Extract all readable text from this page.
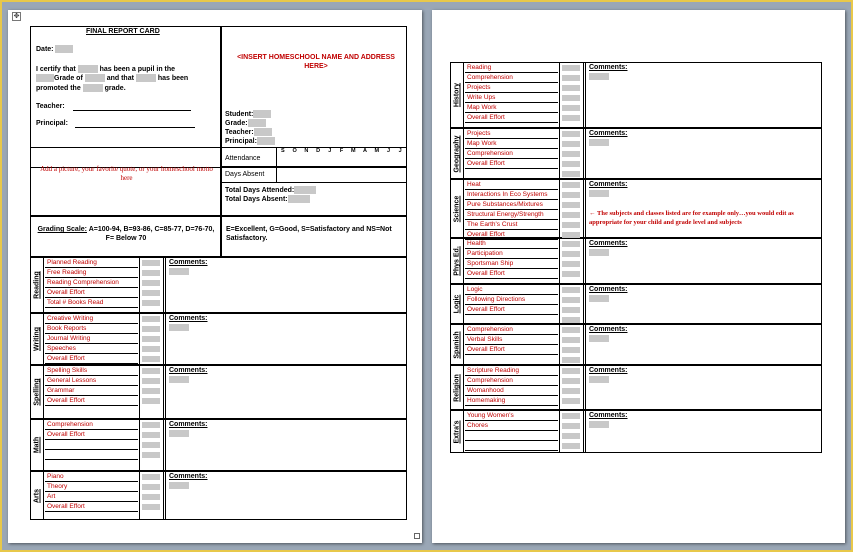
✥
FINAL REPORT CARD
Date:
I certify that	has been a pupil in the
Grade of	and that	has been
promoted the	grade.
Teacher:
Principal:
<INSERT HOMESCHOOL NAME AND ADDRESS HERE>
Student:
Grade:
Teacher:
Principal:
Add a picture, your favorite quote, or your homeschool motto here
S	O	N	D	J	F	M	A	M	J	J
Attendance
Days Absent
Total Days Attended:
Total Days Absent:
Grading Scale: A=100-94, B=93-86, C=85-77, D=76-70, F= Below 70
E=Excellent, G=Good, S=Satisfactory and NS=Not Satisfactory.
Reading
Planned Reading
Free Reading
Reading Comprehension
Overall Effort
Total # Books Read
Comments:
Writing
Creative Writing
Book Reports
Journal Writing
Speeches
Overall Effort
Comments:
Spelling
Spelling Skills
General Lessons
Grammar
Overall Effort
Comments:
Math
Comprehension
Overall Effort
Comments:
Arts
Piano
Theory
Art
Overall Effort
Comments:
History
Reading
Comprehension
Projects
Write Ups
Map Work
Overall Effort
Comments:
Geography
Projects
Map Work
Comprehension
Overall Effort
Comments:
Science
Heat
Interactions In Eco Systems
Pure Substances/Mixtures
Structural Energy/Strength
The Earth's Crust
Overall Effort
Comments:
Phys Ed.
Health
Participation
Sportsman Ship
Overall Effort
Comments:
Logic
Logic
Following Directions
Overall Effort
Comments:
Spanish
Comprehension
Verbal Skills
Overall Effort
Comments:
Religion
Scripture Reading
Comprehension
Womanhood
Homemaking
Comments:
Extra's
Young Women's
Chores
Comments:
← The subjects and classes listed are for example only…you would edit as appropriate for your child and grade level and subjects
